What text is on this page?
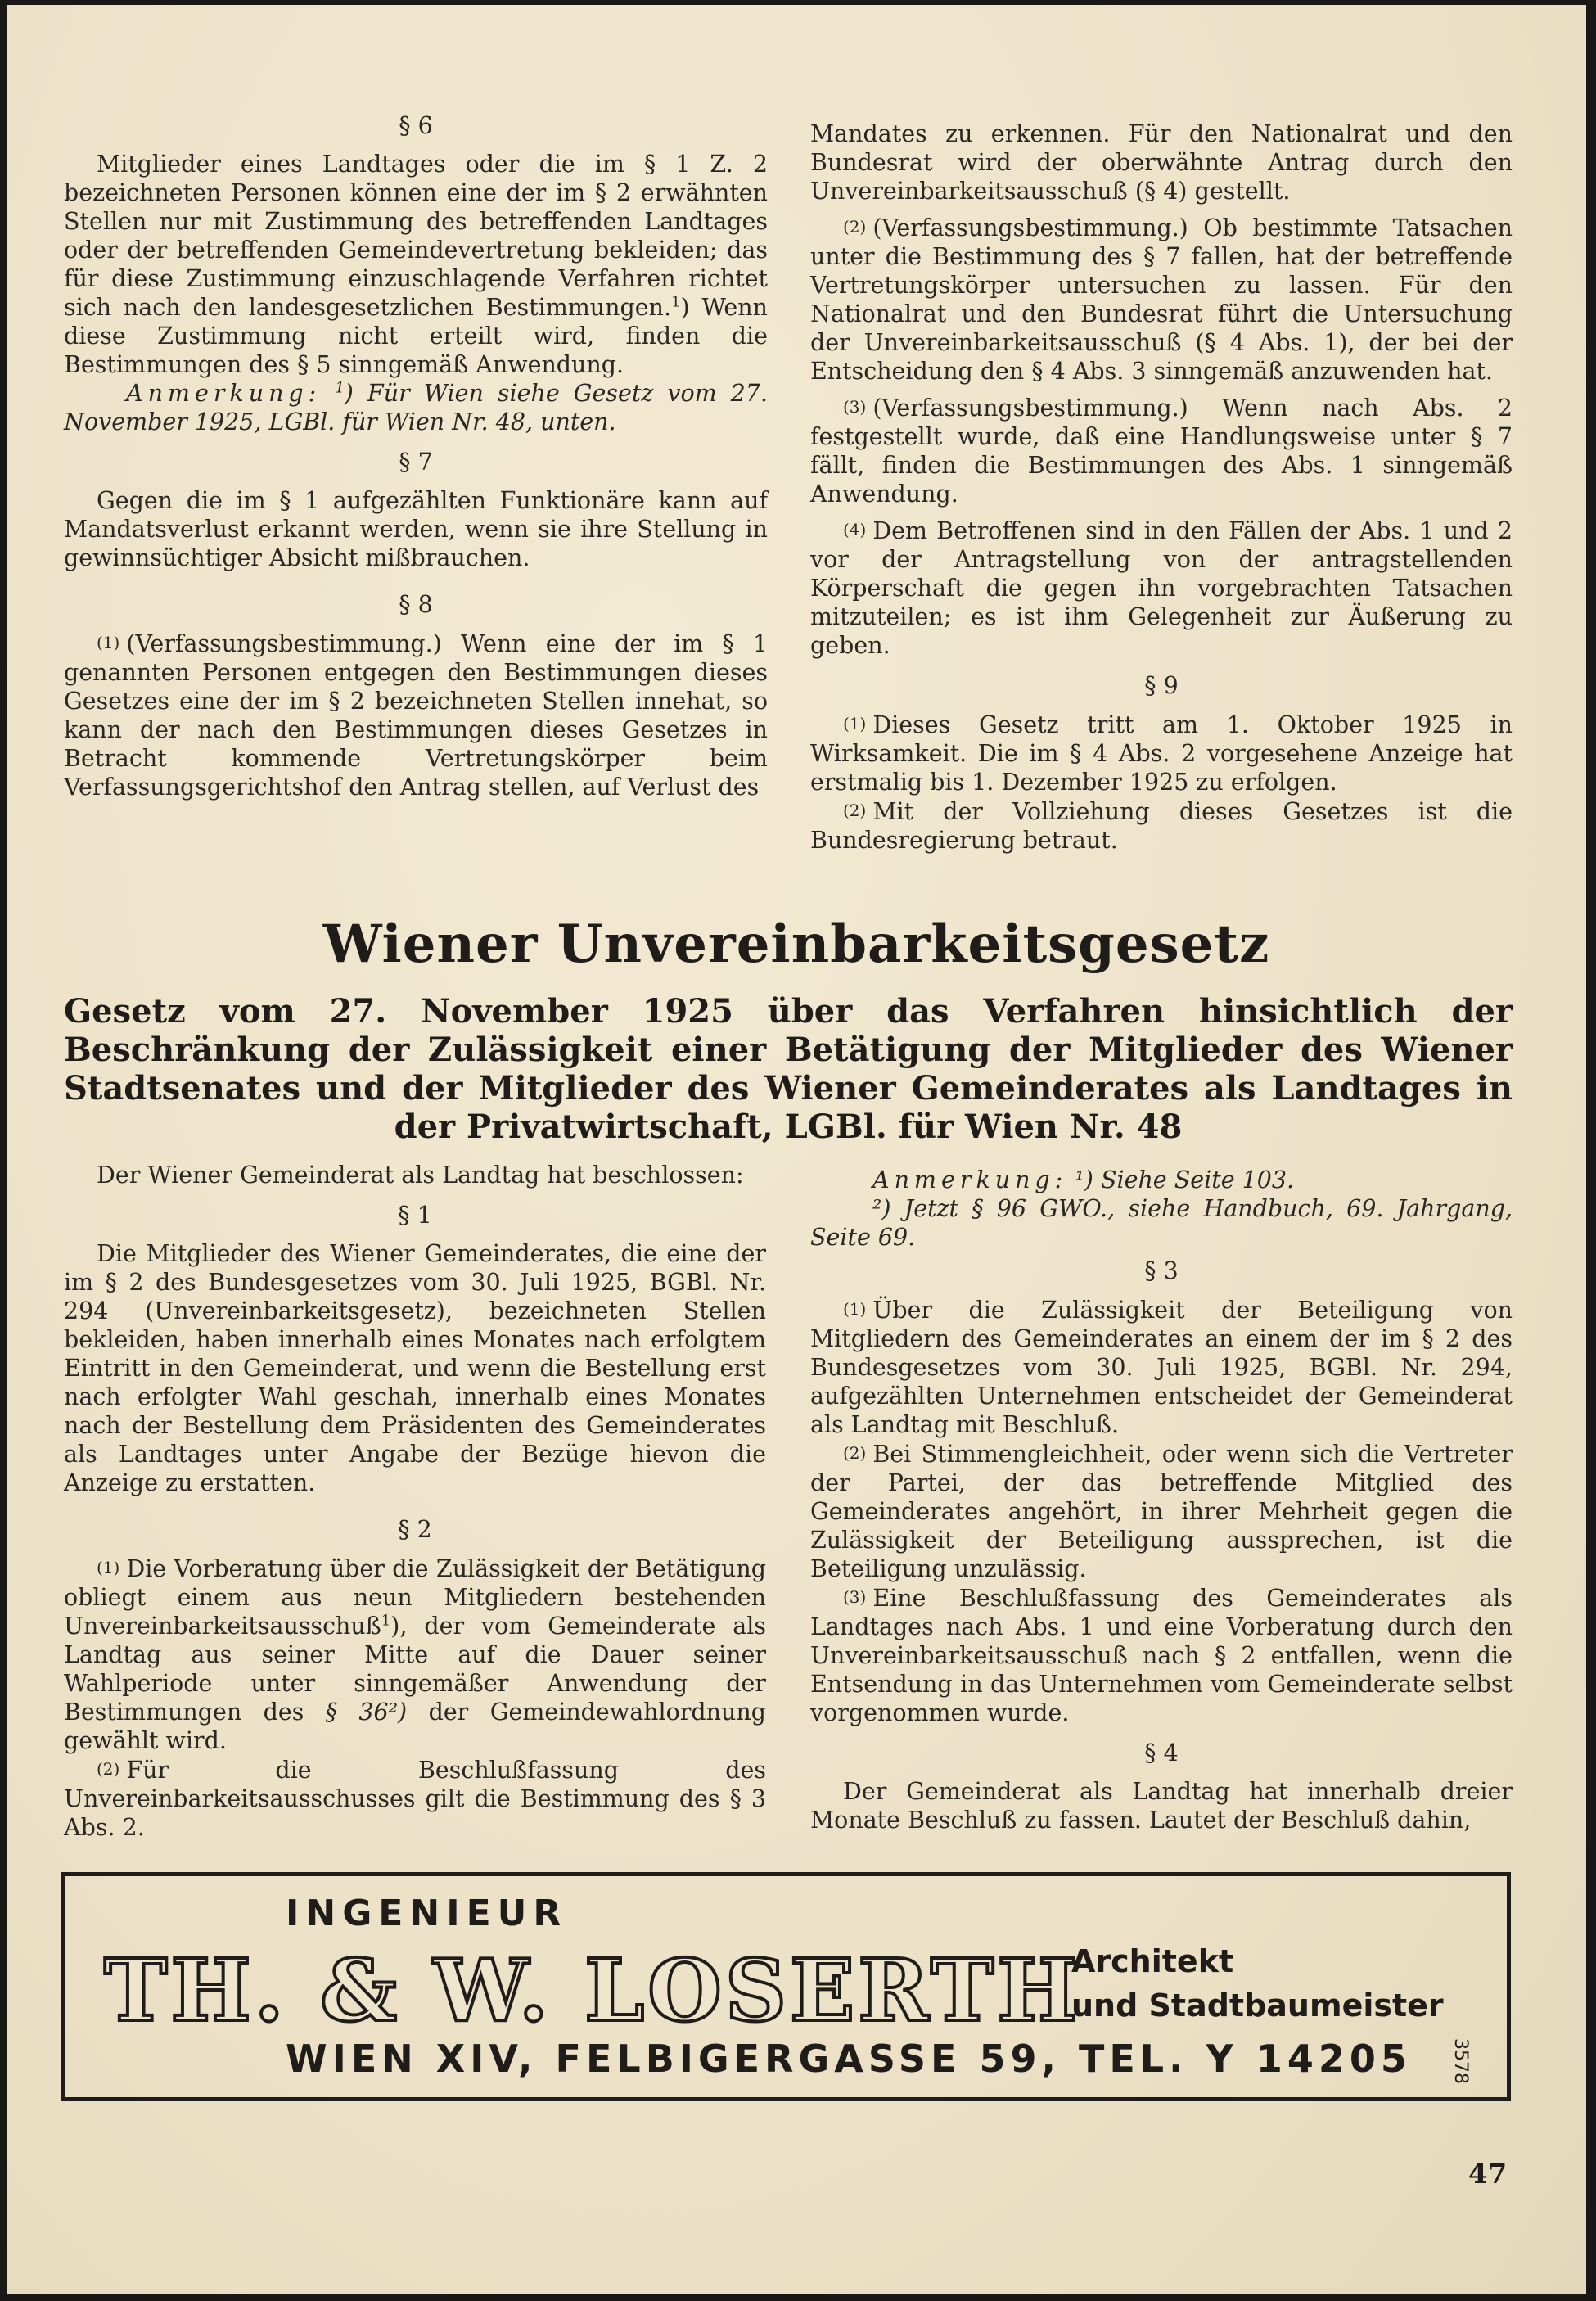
§ 6

Mitglieder eines Landtages oder die im § 1 Z. 2 bezeichneten Personen können eine der im § 2 erwähnten Stellen nur mit Zustimmung des betreffenden Landtages oder der betreffenden Gemeindevertretung bekleiden; das für diese Zustimmung einzuschlagende Verfahren richtet sich nach den landesgesetzlichen Bestimmungen.$^1$) Wenn diese Zustimmung nicht erteilt wird, finden die Bestimmungen des § 5 sinngemäß Anwendung.

Anmerkung: $^1$) Für Wien siehe Gesetz vom 27. November 1925, LGBl. für Wien Nr. 48, unten.

§ 7

Gegen die im § 1 aufgezählten Funktionäre kann auf Mandatsverlust erkannt werden, wenn sie ihre Stellung in gewinnsüchtiger Absicht mißbrauchen.

§ 8

(1) (Verfassungsbestimmung.) Wenn eine der im § 1 genannten Personen entgegen den Bestimmungen dieses Gesetzes eine der im § 2 bezeichneten Stellen innehat, so kann der nach den Bestimmungen dieses Gesetzes in Betracht kommende Vertretungskörper beim Verfassungsgerichtshof den Antrag stellen, auf Verlust des

Mandates zu erkennen. Für den Nationalrat und den Bundesrat wird der oberwähnte Antrag durch den Unvereinbarkeitsausschuß (§ 4) gestellt.

(2) (Verfassungsbestimmung.) Ob bestimmte Tatsachen unter die Bestimmung des § 7 fallen, hat der betreffende Vertretungskörper untersuchen zu lassen. Für den Nationalrat und den Bundesrat führt die Untersuchung der Unvereinbarkeitsausschuß (§ 4 Abs. 1), der bei der Entscheidung den § 4 Abs. 3 sinngemäß anzuwenden hat.

(3) (Verfassungsbestimmung.) Wenn nach Abs. 2 festgestellt wurde, daß eine Handlungsweise unter § 7 fällt, finden die Bestimmungen des Abs. 1 sinngemäß Anwendung.

(4) Dem Betroffenen sind in den Fällen der Abs. 1 und 2 vor der Antragstellung von der antragstellenden Körperschaft die gegen ihn vorgebrachten Tatsachen mitzuteilen; es ist ihm Gelegenheit zur Äußerung zu geben.

§ 9

(1) Dieses Gesetz tritt am 1. Oktober 1925 in Wirksamkeit. Die im § 4 Abs. 2 vorgesehene Anzeige hat erstmalig bis 1. Dezember 1925 zu erfolgen.

(2) Mit der Vollziehung dieses Gesetzes ist die Bundesregierung betraut.

Wiener Unvereinbarkeitsgesetz
Gesetz vom 27. November 1925 über das Verfahren hinsichtlich der Beschränkung der Zulässigkeit einer Betätigung der Mitglieder des Wiener Stadtsenates und der Mitglieder des Wiener Gemeinderates als Landtages in der Privatwirtschaft, LGBl. für Wien Nr. 48

Der Wiener Gemeinderat als Landtag hat beschlossen:

§ 1

Die Mitglieder des Wiener Gemeinderates, die eine der im § 2 des Bundesgesetzes vom 30. Juli 1925, BGBl. Nr. 294 (Unvereinbarkeitsgesetz), bezeichneten Stellen bekleiden, haben innerhalb eines Monates nach erfolgtem Eintritt in den Gemeinderat, und wenn die Bestellung erst nach erfolgter Wahl geschah, innerhalb eines Monates nach der Bestellung dem Präsidenten des Gemeinderates als Landtages unter Angabe der Bezüge hievon die Anzeige zu erstatten.

§ 2

(1) Die Vorberatung über die Zulässigkeit der Betätigung obliegt einem aus neun Mitgliedern bestehenden Unvereinbarkeitsausschuß$^1$), der vom Gemeinderate als Landtag aus seiner Mitte auf die Dauer seiner Wahlperiode unter sinngemäßer Anwendung der Bestimmungen des § 36²) der Gemeindewahlordnung gewählt wird.

(2) Für die Beschlußfassung des Unvereinbarkeitsausschusses gilt die Bestimmung des § 3 Abs. 2.

Anmerkung: ¹) Siehe Seite 103.

²) Jetzt § 96 GWO., siehe Handbuch, 69. Jahrgang, Seite 69.

§ 3

(1) Über die Zulässigkeit der Beteiligung von Mitgliedern des Gemeinderates an einem der im § 2 des Bundesgesetzes vom 30. Juli 1925, BGBl. Nr. 294, aufgezählten Unternehmen entscheidet der Gemeinderat als Landtag mit Beschluß.

(2) Bei Stimmengleichheit, oder wenn sich die Vertreter der Partei, der das betreffende Mitglied des Gemeinderates angehört, in ihrer Mehrheit gegen die Zulässigkeit der Beteiligung aussprechen, ist die Beteiligung unzulässig.

(3) Eine Beschlußfassung des Gemeinderates als Landtages nach Abs. 1 und eine Vorberatung durch den Unvereinbarkeitsausschuß nach § 2 entfallen, wenn die Entsendung in das Unternehmen vom Gemeinderate selbst vorgenommen wurde.

§ 4

Der Gemeinderat als Landtag hat innerhalb dreier Monate Beschluß zu fassen. Lautet der Beschluß dahin,

INGENIEUR
TH. & W. LOSERTH
Architekt
und Stadtbaumeister
WIEN XIV, FELBIGERGASSE 59, TEL. Y 14205 3578
47
